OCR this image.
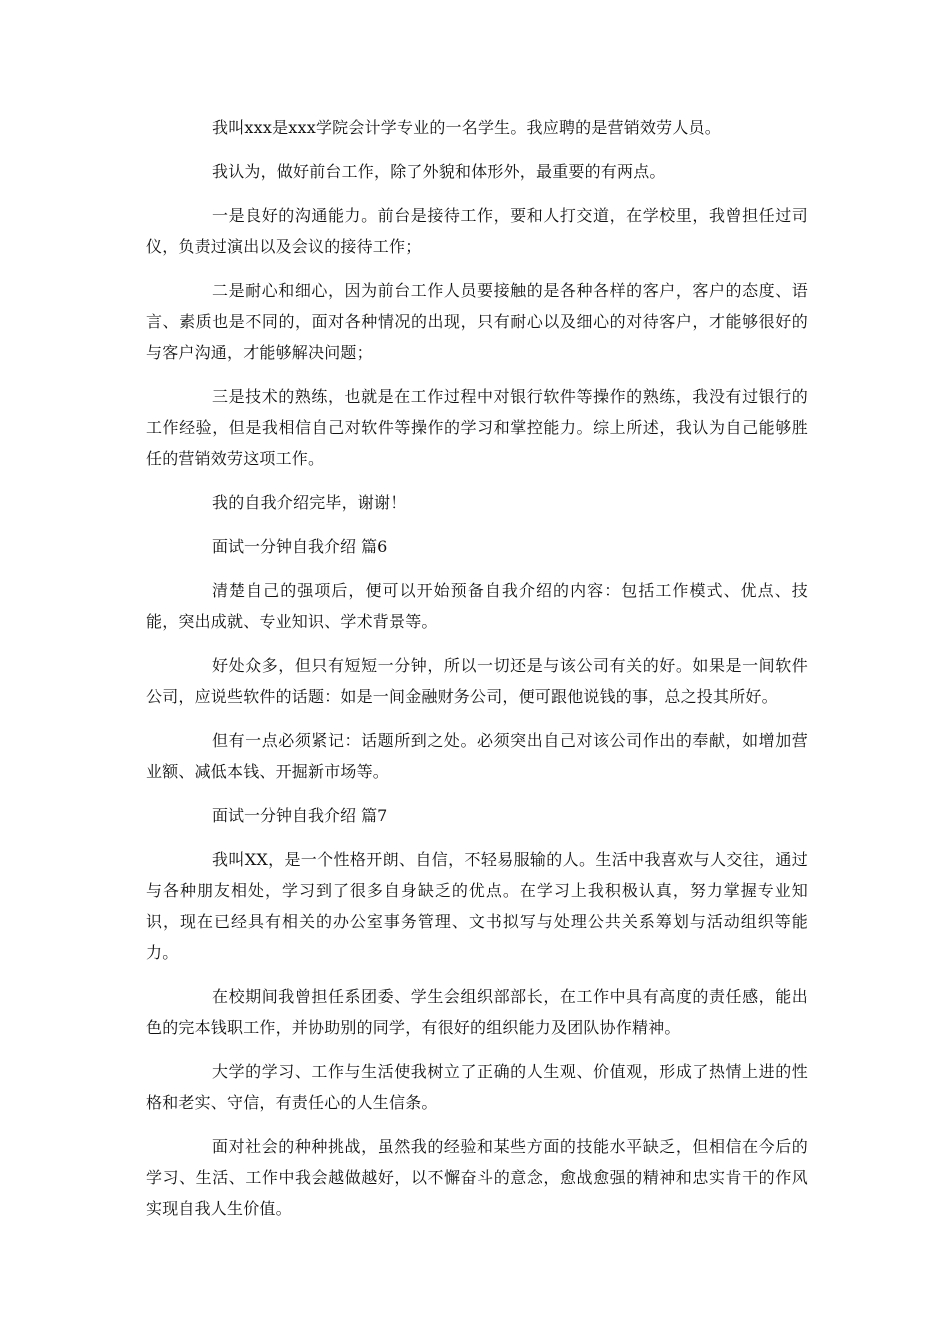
我叫xxx是xxx学院会计学专业的一名学生。我应聘的是营销效劳人员。

我认为，做好前台工作，除了外貌和体形外，最重要的有两点。

一是良好的沟通能力。前台是接待工作，要和人打交道，在学校里，我曾担任过司仪，负责过演出以及会议的接待工作；

二是耐心和细心，因为前台工作人员要接触的是各种各样的客户，客户的态度、语言、素质也是不同的，面对各种情况的出现，只有耐心以及细心的对待客户，才能够很好的与客户沟通，才能够解决问题；

三是技术的熟练，也就是在工作过程中对银行软件等操作的熟练，我没有过银行的工作经验，但是我相信自己对软件等操作的学习和掌控能力。综上所述，我认为自己能够胜任的营销效劳这项工作。

我的自我介绍完毕，谢谢！

面试一分钟自我介绍 篇6

清楚自己的强项后，便可以开始预备自我介绍的内容：包括工作模式、优点、技能，突出成就、专业知识、学术背景等。

好处众多，但只有短短一分钟，所以一切还是与该公司有关的好。如果是一间软件公司，应说些软件的话题：如是一间金融财务公司，便可跟他说钱的事，总之投其所好。

但有一点必须紧记：话题所到之处。必须突出自己对该公司作出的奉献，如增加营业额、减低本钱、开掘新市场等。

面试一分钟自我介绍 篇7

我叫XX，是一个性格开朗、自信，不轻易服输的人。生活中我喜欢与人交往，通过与各种朋友相处，学习到了很多自身缺乏的优点。在学习上我积极认真，努力掌握专业知识，现在已经具有相关的办公室事务管理、文书拟写与处理公共关系筹划与活动组织等能力。

在校期间我曾担任系团委、学生会组织部部长，在工作中具有高度的责任感，能出色的完本钱职工作，并协助别的同学，有很好的组织能力及团队协作精神。

大学的学习、工作与生活使我树立了正确的人生观、价值观，形成了热情上进的性格和老实、守信，有责任心的人生信条。

面对社会的种种挑战，虽然我的经验和某些方面的技能水平缺乏，但相信在今后的学习、生活、工作中我会越做越好，以不懈奋斗的意念，愈战愈强的精神和忠实肯干的作风实现自我人生价值。
